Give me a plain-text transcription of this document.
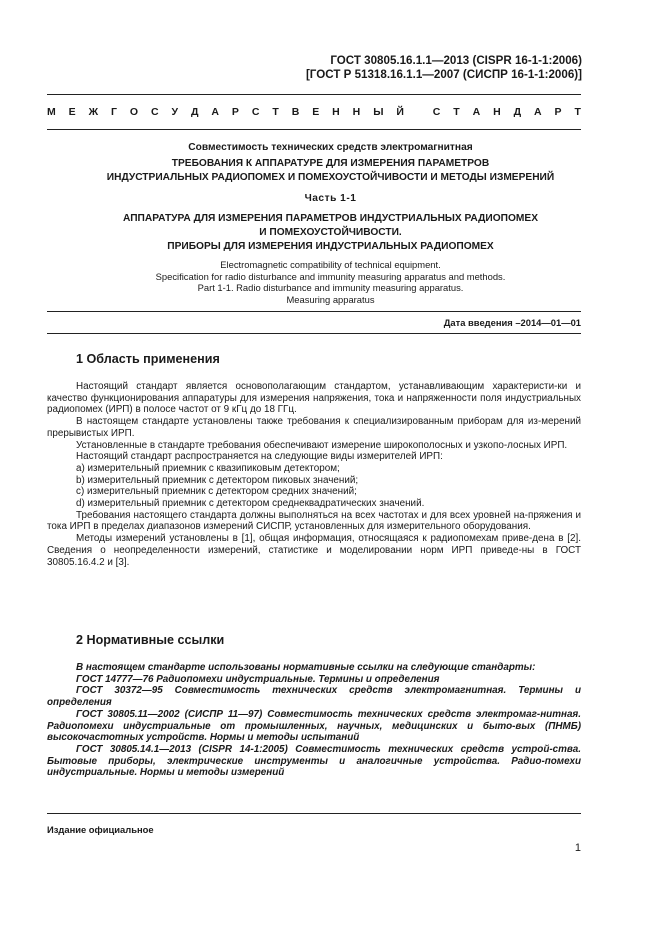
ГОСТ 30805.16.1.1—2013 (CISPR 16-1-1:2006)
[ГОСТ Р 51318.16.1.1—2007 (СИСПР 16-1-1:2006)]
М Е Ж Г О С У Д А Р С Т В Е Н Н Ы Й
	С Т А Н Д А Р Т
Совместимость технических средств электромагнитная
ТРЕБОВАНИЯ К АППАРАТУРЕ ДЛЯ ИЗМЕРЕНИЯ ПАРАМЕТРОВ
ИНДУСТРИАЛЬНЫХ РАДИОПОМЕХ И ПОМЕХОУСТОЙЧИВОСТИ И МЕТОДЫ ИЗМЕРЕНИЙ
Часть 1-1
АППАРАТУРА ДЛЯ ИЗМЕРЕНИЯ ПАРАМЕТРОВ ИНДУСТРИАЛЬНЫХ РАДИОПОМЕХ
И ПОМЕХОУСТОЙЧИВОСТИ.
ПРИБОРЫ ДЛЯ ИЗМЕРЕНИЯ ИНДУСТРИАЛЬНЫХ РАДИОПОМЕХ
Electromagnetic compatibility of technical equipment.
Specification for radio disturbance and immunity measuring apparatus and methods.
Part 1-1. Radio disturbance and immunity measuring apparatus.
Measuring apparatus
Дата введения –2014—01—01
1 Область применения

Настоящий стандарт является основополагающим стандартом, устанавливающим характеристи-ки и качество функционирования аппаратуры для измерения напряжения, тока и напряженности поля индустриальных радиопомех (ИРП) в полосе частот от 9 кГц до 18 ГГц.

В настоящем стандарте установлены также требования к специализированным приборам для из-мерений прерывистых ИРП.

Установленные в стандарте требования обеспечивают измерение широкополосных и узкопо-лосных ИРП.

Настоящий стандарт распространяется на следующие виды измерителей ИРП:

а) измерительный приемник с квазипиковым детектором;

b) измерительный приемник с детектором пиковых значений;

с) измерительный приемник с детектором средних значений;

d) измерительный приемник с детектором среднеквадратических значений.

Требования настоящего стандарта должны выполняться на всех частотах и для всех уровней на-пряжения и тока ИРП в пределах диапазонов измерений СИСПР, установленных для измерительного оборудования.

Методы измерений установлены в [1], общая информация, относящаяся к радиопомехам приве-дена в [2]. Сведения о неопределенности измерений, статистике и моделировании норм ИРП приведе-ны в ГОСТ 30805.16.4.2 и [3].

2 Нормативные ссылки

В настоящем стандарте использованы нормативные ссылки на следующие стандарты:

ГОСТ 14777—76 Радиопомехи индустриальные. Термины и определения

ГОСТ 30372—95 Совместимость технических средств электромагнитная. Термины и определения

ГОСТ 30805.11—2002 (СИСПР 11—97) Совместимость технических средств электромаг-нитная. Радиопомехи индустриальные от промышленных, научных, медицинских и быто-вых (ПНМБ) высокочастотных устройств. Нормы и методы испытаний

ГОСТ 30805.14.1—2013 (CISPR 14-1:2005) Совместимость технических средств устрой-ства. Бытовые приборы, электрические инструменты и аналогичные устройства. Радио-помехи индустриальные. Нормы и методы измерений

Издание официальное
1
